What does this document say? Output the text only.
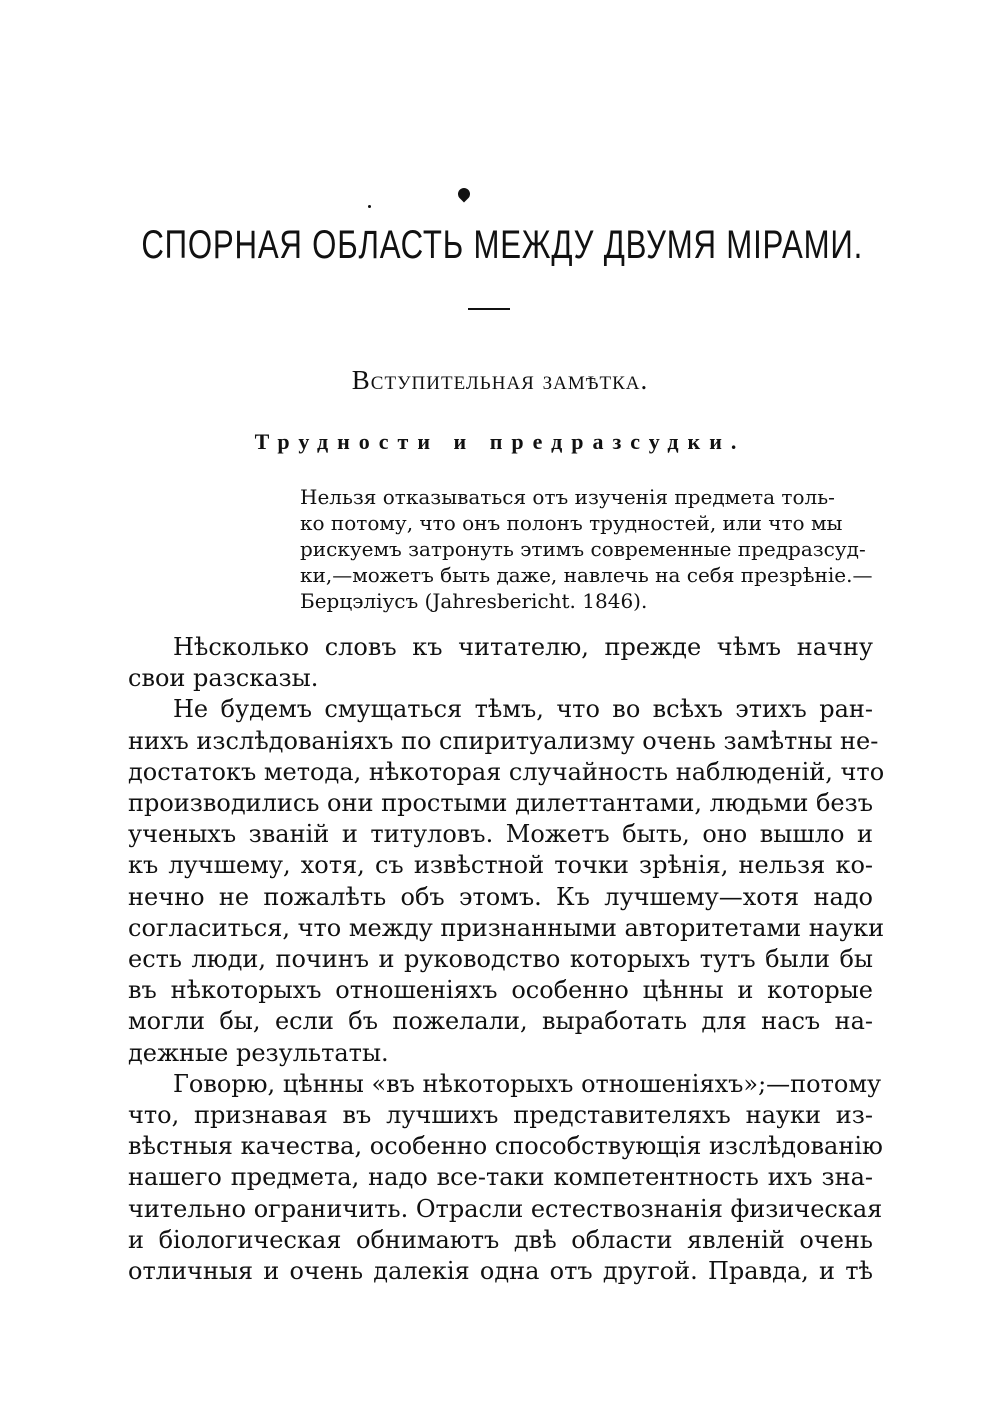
СПОРНАЯ ОБЛАСТЬ МЕЖДУ ДВУМЯ МІРАМИ.
Вступительная замѣтка.
Трудности и предразсудки.
Нельзя отказываться отъ изученія предмета толь-
ко потому, что онъ полонъ трудностей, или что мы
рискуемъ затронуть этимъ современные предразсуд-
ки,—можетъ быть даже, навлечь на себя презрѣніе.—
Берцэліусъ (Jahresbericht. 1846).
Нѣсколько словъ къ читателю, прежде чѣмъ начну
свои разсказы.
Не будемъ смущаться тѣмъ, что во всѣхъ этихъ ран-
нихъ изслѣдованіяхъ по спиритуализму очень замѣтны не-
достатокъ метода, нѣкоторая случайность наблюденій, что
производились они простыми дилеттантами, людьми безъ
ученыхъ званій и титуловъ. Можетъ быть, оно вышло и
къ лучшему, хотя, съ извѣстной точки зрѣнія, нельзя ко-
нечно не пожалѣть объ этомъ. Къ лучшему—хотя надо
согласиться, что между признанными авторитетами науки
есть люди, починъ и руководство которыхъ тутъ были бы
въ нѣкоторыхъ отношеніяхъ особенно цѣнны и которые
могли бы, если бъ пожелали, выработать для насъ на-
дежные результаты.
Говорю, цѣнны «въ нѣкоторыхъ отношеніяхъ»;—потому
что, признавая въ лучшихъ представителяхъ науки из-
вѣстныя качества, особенно способствующія изслѣдованію
нашего предмета, надо все-таки компетентность ихъ зна-
чительно ограничить. Отрасли естествознанія физическая
и біологическая обнимаютъ двѣ области явленій очень
отличныя и очень далекія одна отъ другой. Правда, и тѣ
